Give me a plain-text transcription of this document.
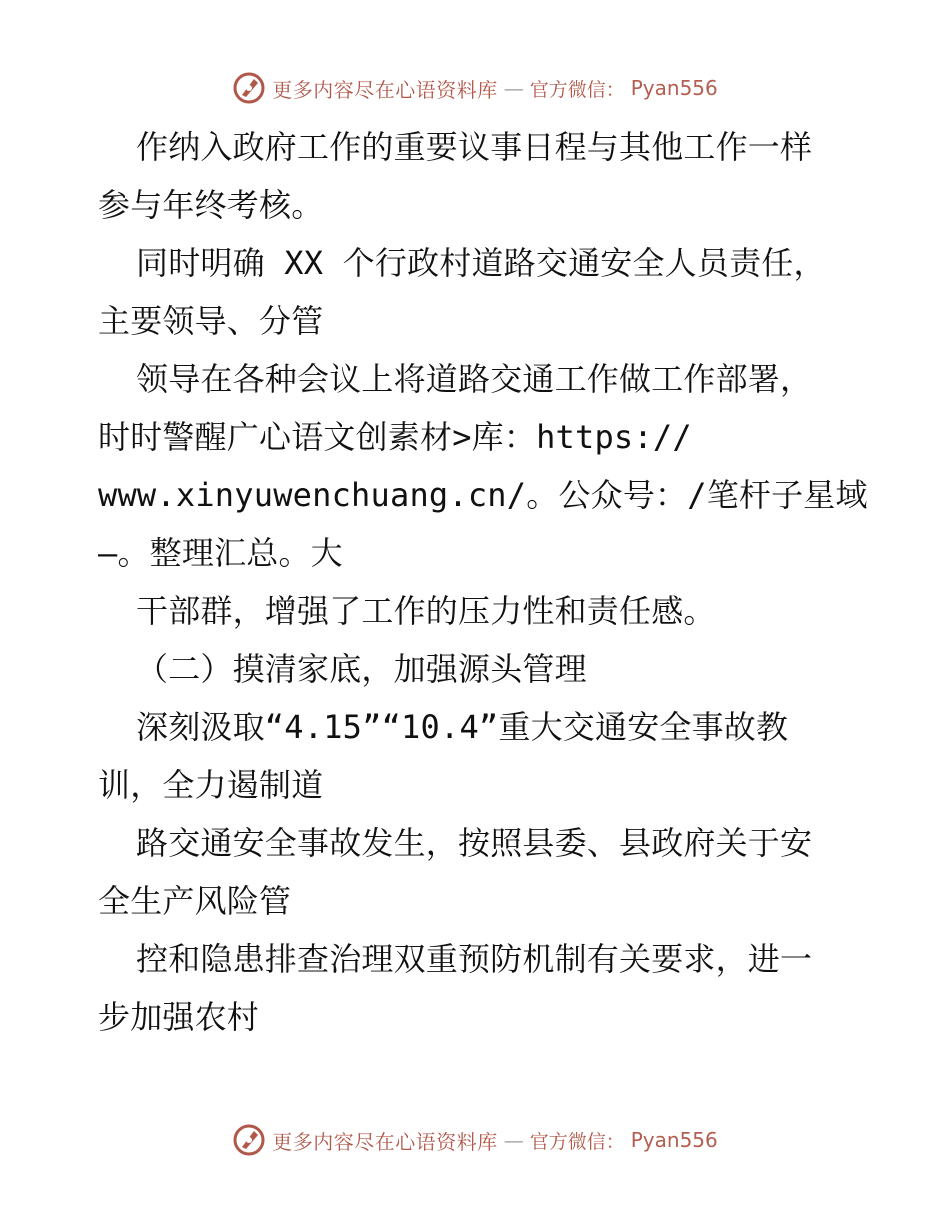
更多内容尽在心语资料库 — 官方微信： Pyan556
作纳入政府工作的重要议事日程与其他工作一样
参与年终考核。
同时明确 XX 个行政村道路交通安全人员责任，
主要领导、分管
领导在各种会议上将道路交通工作做工作部署，
时时警醒广心语文创素材>库：https://
www.xinyuwenchuang.cn/。公众号：/笔杆子星域
—。整理汇总。大
干部群，增强了工作的压力性和责任感。
（二）摸清家底，加强源头管理
深刻汲取“4.15”“10.4”重大交通安全事故教
训，全力遏制道
路交通安全事故发生，按照县委、县政府关于安
全生产风险管
控和隐患排查治理双重预防机制有关要求，进一
步加强农村
更多内容尽在心语资料库 — 官方微信： Pyan556
